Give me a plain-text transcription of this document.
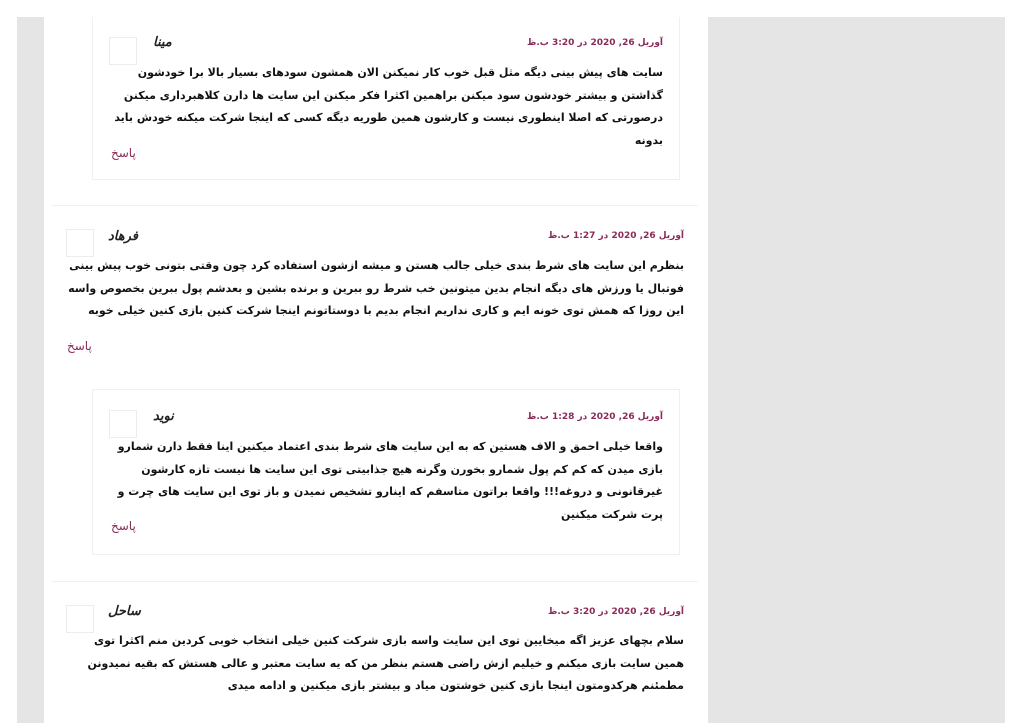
مینا	آوریل 26, 2020 در 3:20 ب.ظ
سایت های پیش بینی دیگه مثل قبل خوب کار نمیکنن الان همشون سودهای بسیار بالا برا خودشون گذاشتن و بیشتر خودشون سود میکنن براهمین اکثرا فکر میکنن این سایت ها دارن کلاهبرداری میکنن درصورتی که اصلا اینطوری نیست و کارشون همین طوریه دیگه کسی که اینجا شرکت میکنه خودش باید بدونه
پاسخ
فرهاد	آوریل 26, 2020 در 1:27 ب.ظ
بنظرم این سایت های شرط بندی خیلی جالب هستن و میشه ازشون استفاده کرد چون وقتی بتونی خوب پیش بینی فوتبال یا ورزش های دیگه انجام بدین میتونین خب شرط رو ببرین و برنده بشین و بعدشم پول ببرین بخصوص واسه این روزا که همش توی خونه ایم و کاری نداریم انجام بدیم با دوستاتونم اینجا شرکت کنین بازی کنین خیلی خوبه
پاسخ
نوید	آوریل 26, 2020 در 1:28 ب.ظ
واقعا خیلی احمق و الاف هستین که به این سایت های شرط بندی اعتماد میکنین اینا فقط دارن شمارو بازی میدن که کم کم پول شمارو بخورن وگرنه هیچ جذابیتی توی این سایت ها نیست تازه کارشون غیرقانونی و دروغه!!! واقعا براتون متاسفم که اینارو تشخیص نمیدن و باز توی این سایت های چرت و پرت شرکت میکنین
پاسخ
ساحل	آوریل 26, 2020 در 3:20 ب.ظ
سلام بچهای عزیز اگه میخایین توی این سایت واسه بازی شرکت کنین خیلی انتخاب خوبی کردین منم اکثرا توی همین سایت بازی میکنم و خیلیم ازش راضی هستم بنظر من که یه سایت معتبر و عالی هستش که بقیه نمیدونن مطمئنم هرکدومتون اینجا بازی کنین خوشتون میاد و بیشتر بازی میکنین و ادامه میدی
